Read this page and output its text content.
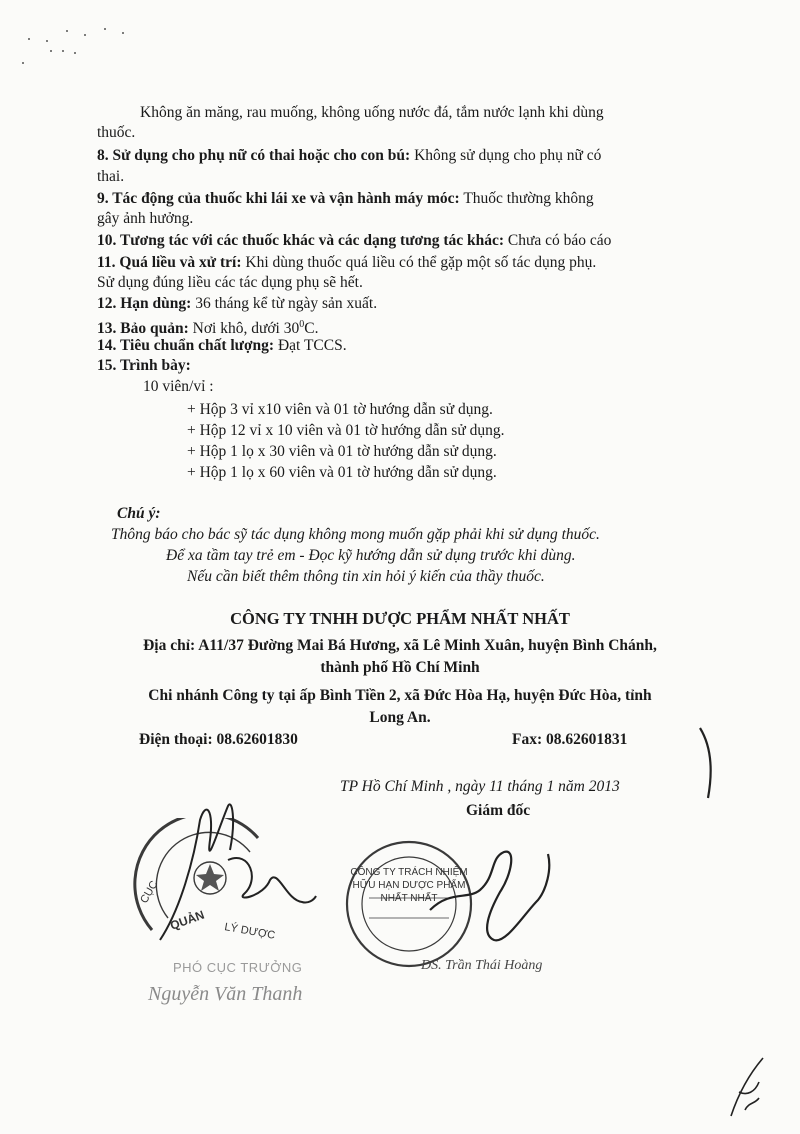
Không ăn măng, rau muống, không uống nước đá, tắm nước lạnh khi dùng
thuốc.
8. Sử dụng cho phụ nữ có thai hoặc cho con bú: Không sử dụng cho phụ nữ có
thai.
9. Tác động của thuốc khi lái xe và vận hành máy móc: Thuốc thường không
gây ảnh hưởng.
10. Tương tác với các thuốc khác và các dạng tương tác khác: Chưa có báo cáo
11. Quá liều và xử trí: Khi dùng thuốc quá liều có thể gặp một số tác dụng phụ.
Sử dụng đúng liều các tác dụng phụ sẽ hết.
12. Hạn dùng: 36 tháng kể từ ngày sản xuất.
13. Bảo quản: Nơi khô, dưới $30^0C$.
14. Tiêu chuẩn chất lượng: Đạt TCCS.
15. Trình bày:
10 viên/vỉ :
+ Hộp 3 vỉ x10 viên và 01 tờ hướng dẫn sử dụng.
+ Hộp 12 vỉ x 10 viên và 01 tờ hướng dẫn sử dụng.
+ Hộp 1 lọ x 30 viên và 01 tờ hướng dẫn sử dụng.
+ Hộp 1 lọ x 60 viên và 01 tờ hướng dẫn sử dụng.
Chú ý:
Thông báo cho bác sỹ tác dụng không mong muốn gặp phải khi sử dụng thuốc.
Để xa tầm tay trẻ em - Đọc kỹ hướng dẫn sử dụng trước khi dùng.
Nếu cần biết thêm thông tin xin hỏi ý kiến của thầy thuốc.
CÔNG TY TNHH DƯỢC PHẨM NHẤT NHẤT
Địa chỉ: A11/37 Đường Mai Bá Hương, xã Lê Minh Xuân, huyện Bình Chánh,
thành phố Hồ Chí Minh
Chi nhánh Công ty tại ấp Bình Tiền 2, xã Đức Hòa Hạ, huyện Đức Hòa, tỉnh
Long An.
Điện thoại: 08.62601830	Fax: 08.62601831
TP Hồ Chí Minh , ngày 11 tháng 1 năm 2013
Giám đốc
CỤC
QUẢN LÝ DƯỢC
PHÓ CỤC TRƯỞNG
Nguyễn Văn Thanh
CÔNG TY TRÁCH NHIỆM HỮU HẠN DƯỢC PHẨM NHẤT NHẤT
DS. Trần Thái Hoàng
